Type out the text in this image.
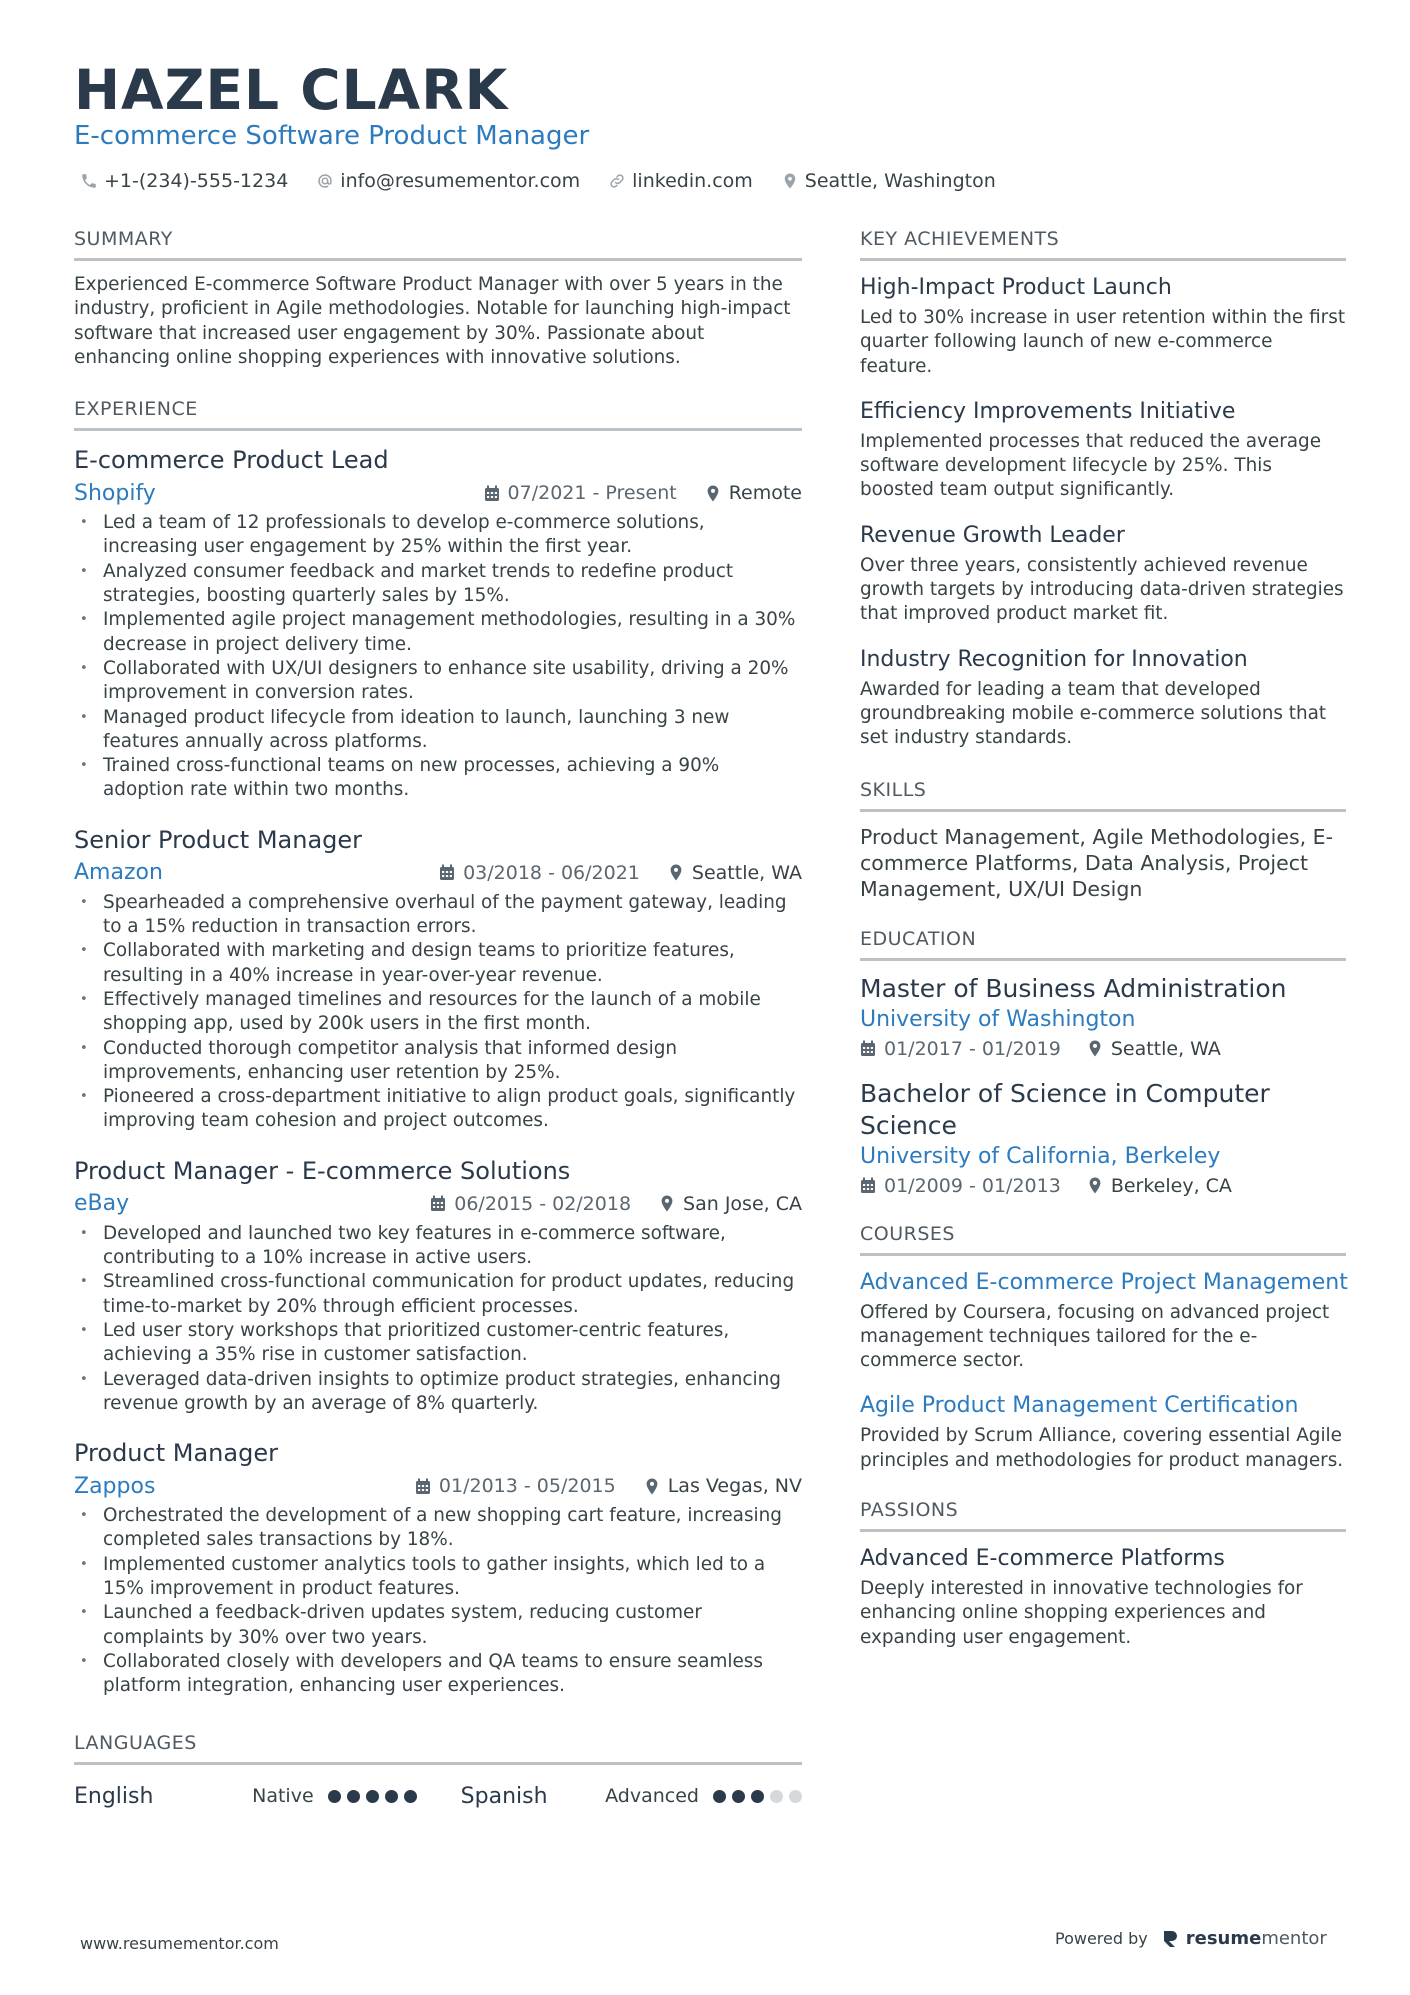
HAZEL CLARK
E-commerce Software Product Manager
+1-(234)-555-1234	info@resumementor.com	linkedin.com	Seattle, Washington
SUMMARY

Experienced E-commerce Software Product Manager with over 5 years in the industry, proficient in Agile methodologies. Notable for launching high-impact software that increased user engagement by 30%. Passionate about enhancing online shopping experiences with innovative solutions.

EXPERIENCE
E-commerce Product Lead
Shopify	07/2021 - Present	Remote
• Led a team of 12 professionals to develop e-commerce solutions, increasing user engagement by 25% within the first year.
• Analyzed consumer feedback and market trends to redefine product strategies, boosting quarterly sales by 15%.
• Implemented agile project management methodologies, resulting in a 30% decrease in project delivery time.
• Collaborated with UX/UI designers to enhance site usability, driving a 20% improvement in conversion rates.
• Managed product lifecycle from ideation to launch, launching 3 new features annually across platforms.
• Trained cross-functional teams on new processes, achieving a 90% adoption rate within two months.
Senior Product Manager
Amazon	03/2018 - 06/2021	Seattle, WA
• Spearheaded a comprehensive overhaul of the payment gateway, leading to a 15% reduction in transaction errors.
• Collaborated with marketing and design teams to prioritize features, resulting in a 40% increase in year-over-year revenue.
• Effectively managed timelines and resources for the launch of a mobile shopping app, used by 200k users in the first month.
• Conducted thorough competitor analysis that informed design improvements, enhancing user retention by 25%.
• Pioneered a cross-department initiative to align product goals, significantly improving team cohesion and project outcomes.
Product Manager - E-commerce Solutions
eBay	06/2015 - 02/2018	San Jose, CA
• Developed and launched two key features in e-commerce software, contributing to a 10% increase in active users.
• Streamlined cross-functional communication for product updates, reducing time-to-market by 20% through efficient processes.
• Led user story workshops that prioritized customer-centric features, achieving a 35% rise in customer satisfaction.
• Leveraged data-driven insights to optimize product strategies, enhancing revenue growth by an average of 8% quarterly.
Product Manager
Zappos	01/2013 - 05/2015	Las Vegas, NV
• Orchestrated the development of a new shopping cart feature, increasing completed sales transactions by 18%.
• Implemented customer analytics tools to gather insights, which led to a 15% improvement in product features.
• Launched a feedback-driven updates system, reducing customer complaints by 30% over two years.
• Collaborated closely with developers and QA teams to ensure seamless platform integration, enhancing user experiences.
LANGUAGES
English	Native	Spanish	Advanced
KEY ACHIEVEMENTS
High-Impact Product Launch
Led to 30% increase in user retention within the first quarter following launch of new e-commerce feature.
Efficiency Improvements Initiative
Implemented processes that reduced the average software development lifecycle by 25%. This boosted team output significantly.
Revenue Growth Leader
Over three years, consistently achieved revenue growth targets by introducing data-driven strategies that improved product market fit.
Industry Recognition for Innovation
Awarded for leading a team that developed groundbreaking mobile e-commerce solutions that set industry standards.
SKILLS
Product Management, Agile Methodologies, E-commerce Platforms, Data Analysis, Project Management, UX/UI Design
EDUCATION
Master of Business Administration
University of Washington
01/2017 - 01/2019	Seattle, WA
Bachelor of Science in Computer Science
University of California, Berkeley
01/2009 - 01/2013	Berkeley, CA
COURSES
Advanced E-commerce Project Management
Offered by Coursera, focusing on advanced project management techniques tailored for the e-commerce sector.
Agile Product Management Certification
Provided by Scrum Alliance, covering essential Agile principles and methodologies for product managers.
PASSIONS
Advanced E-commerce Platforms
Deeply interested in innovative technologies for enhancing online shopping experiences and expanding user engagement.
www.resumementor.com	Powered by resume mentor
